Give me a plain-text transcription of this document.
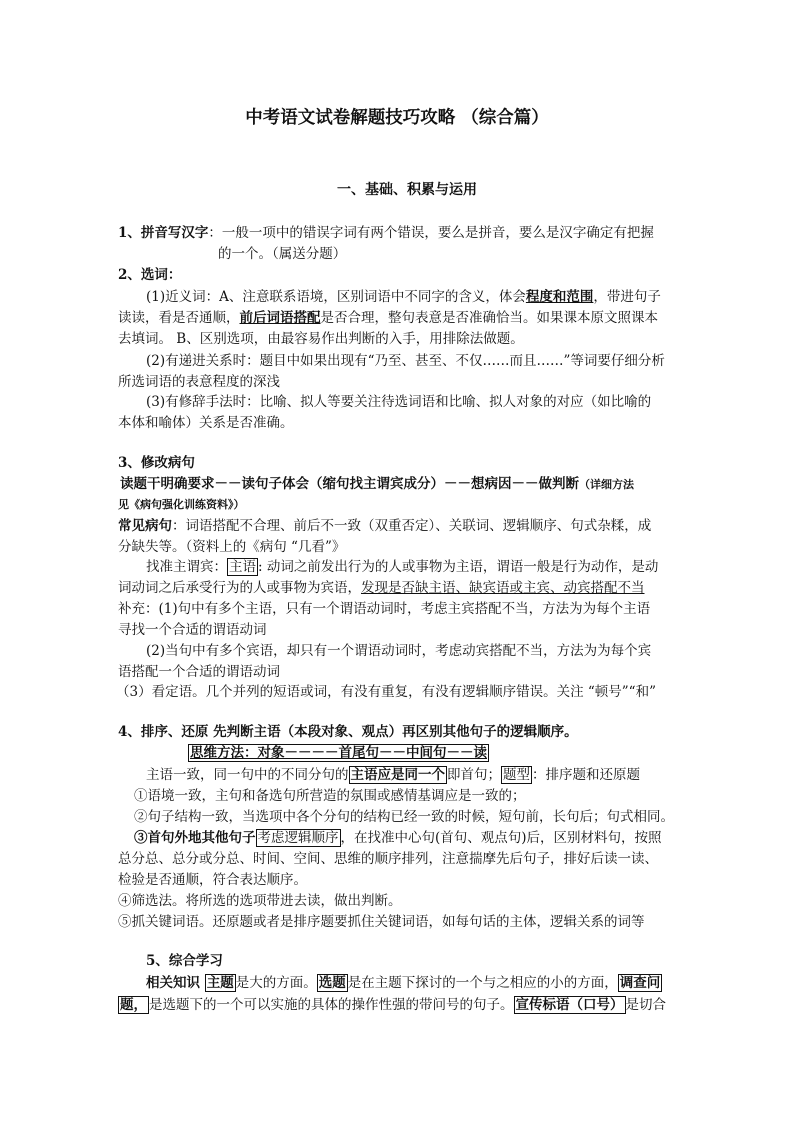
中考语文试卷解题技巧攻略 （综合篇）
一、基础、积累与运用
1、拼音写汉字：一般一项中的错误字词有两个错误，要么是拼音，要么是汉字确定有把握
的一个。（属送分题）
2、选词：
(1)近义词：A、注意联系语境，区别词语中不同字的含义，体会程度和范围，带进句子
读读，看是否通顺，前后词语搭配是否合理，整句表意是否准确恰当。如果课本原文照课本
去填词。 B、区别选项，由最容易作出判断的入手，用排除法做题。
(2)有递进关系时：题目中如果出现有“乃至、甚至、不仅……而且……”等词要仔细分析
所选词语的表意程度的深浅
(3)有修辞手法时：比喻、拟人等要关注待选词语和比喻、拟人对象的对应（如比喻的
本体和喻体）关系是否准确。
3、修改病句
读题干明确要求－－读句子体会（缩句找主谓宾成分）－－想病因－－做判断（详细方法
见《病句强化训练资料》）
常见病句：词语搭配不合理、前后不一致（双重否定）、关联词、逻辑顺序、句式杂糅，成
分缺失等。（资料上的《病句 “几看”》
找准主谓宾： 主语 : 动词之前发出行为的人或事物为主语，谓语一般是行为动作，是动
词动词之后承受行为的人或事物为宾语，发现是否缺主语、缺宾语或主宾、动宾搭配不当
补充：(1)句中有多个主语，只有一个谓语动词时，考虑主宾搭配不当，方法为为每个主语
寻找一个合适的谓语动词
(2)当句中有多个宾语，却只有一个谓语动词时，考虑动宾搭配不当，方法为为每个宾
语搭配一个合适的谓语动词
（3）看定语。几个并列的短语或词，有没有重复，有没有逻辑顺序错误。关注 “顿号”“和”
4、排序、还原 先判断主语（本段对象、观点）再区别其他句子的逻辑顺序。
思维方法：对象－－－－首尾句－－中间句－－读
主语一致，同一句中的不同分句的 主语应是同一个 即首句； 题型 ：排序题和还原题
①语境一致，主句和备选句所营造的氛围或感情基调应是一致的；
②句子结构一致，当选项中各个分句的结构已经一致的时候，短句前，长句后；句式相同。
③首句外地其他句子 考虑逻辑顺序 ，在找准中心句(首句、观点句)后，区别材料句，按照
总分总、总分或分总、时间、空间、思维的顺序排列，注意揣摩先后句子，排好后读一读、
检验是否通顺，符合表达顺序。
④筛选法。将所选的选项带进去读，做出判断。
⑤抓关键词语。还原题或者是排序题要抓住关键词语，如每句话的主体，逻辑关系的词等
5、综合学习
相关知识 主题 是大的方面。 选题 是在主题下探讨的一个与之相应的小的方面， 调查问
题， 是选题下的一个可以实施的具体的操作性强的带问号的句子。 宣传标语（口号） 是切合
